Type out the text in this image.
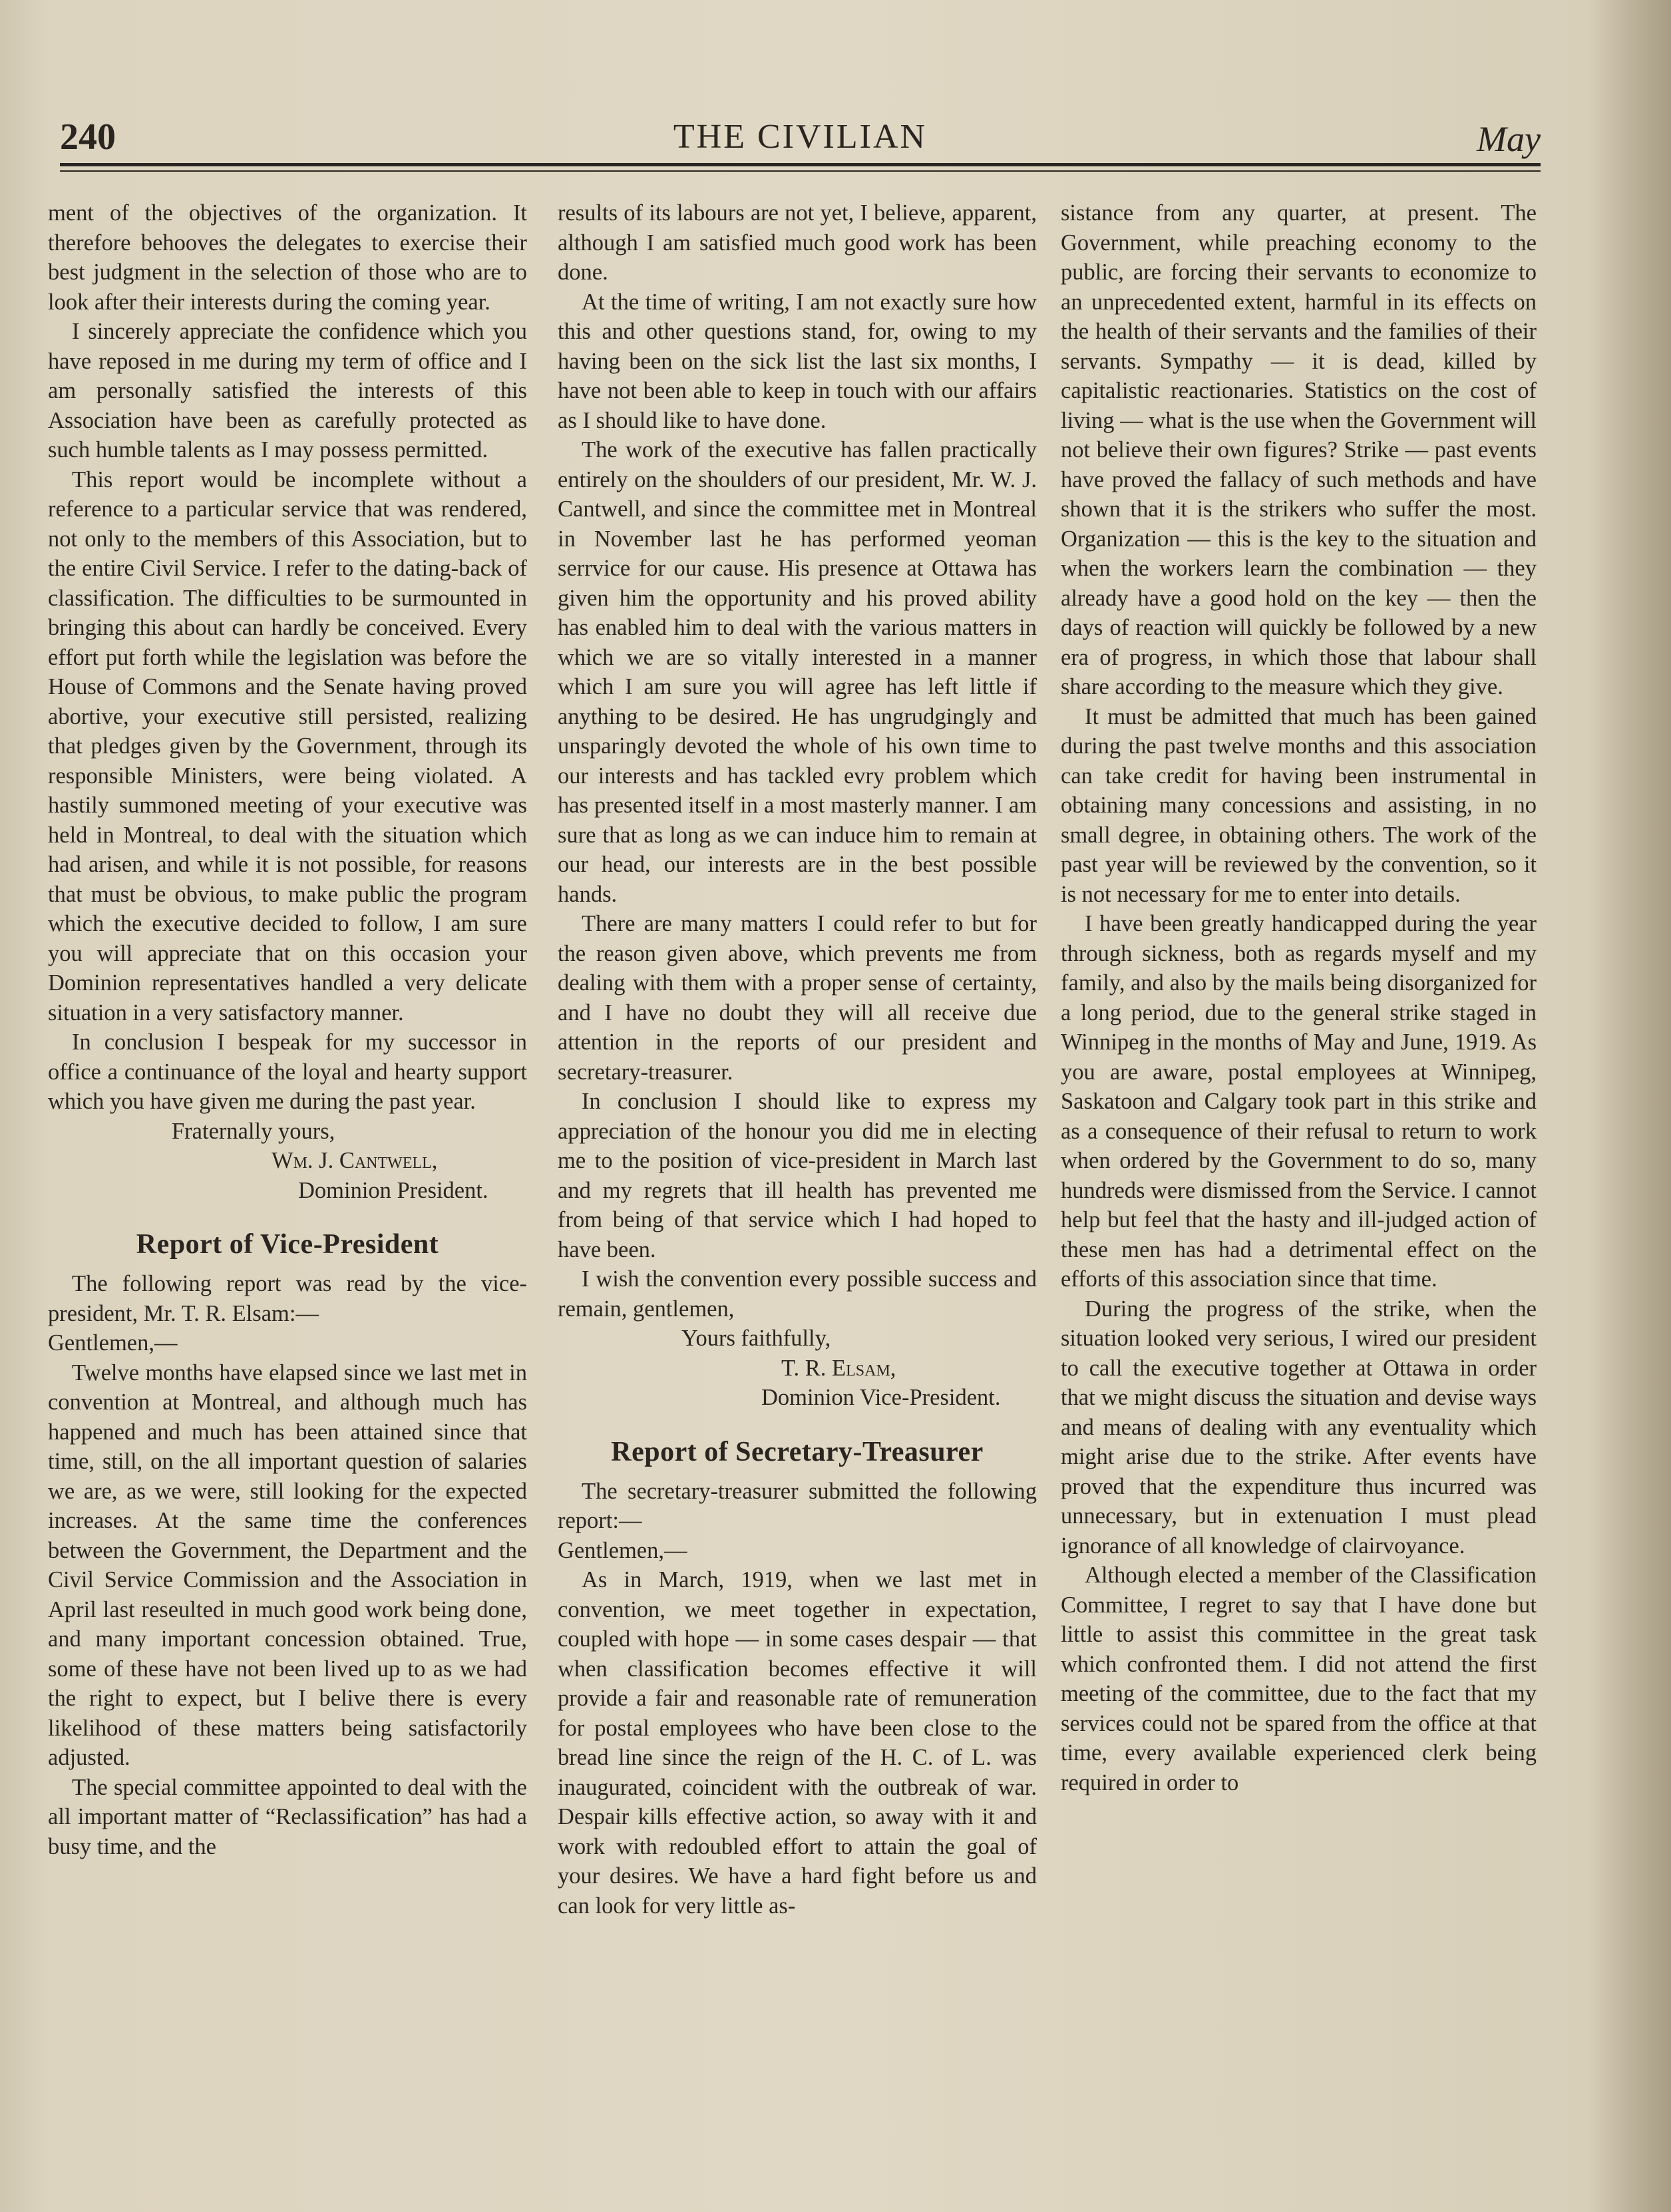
240	THE CIVILIAN	May

ment of the objectives of the organization. It therefore behooves the delegates to exercise their best judgment in the selection of those who are to look after their interests during the coming year.

I sincerely appreciate the confidence which you have reposed in me during my term of office and I am personally satisfied the interests of this Association have been as carefully protected as such humble talents as I may possess permitted.

This report would be incomplete without a reference to a particular service that was rendered, not only to the members of this Association, but to the entire Civil Service. I refer to the dating-back of classification. The difficulties to be surmounted in bringing this about can hardly be conceived. Every effort put forth while the legislation was before the House of Commons and the Senate having proved abortive, your executive still persisted, realizing that pledges given by the Government, through its responsible Ministers, were being violated. A hastily summoned meeting of your executive was held in Montreal, to deal with the situation which had arisen, and while it is not possible, for reasons that must be obvious, to make public the program which the executive decided to follow, I am sure you will appreciate that on this occasion your Dominion representatives handled a very delicate situation in a very satisfactory manner.

In conclusion I bespeak for my successor in office a continuance of the loyal and hearty support which you have given me during the past year.

Fraternally yours,

Wm. J. Cantwell,

Dominion President.

Report of Vice-President

The following report was read by the vice-president, Mr. T. R. Elsam:—

Gentlemen,—

Twelve months have elapsed since we last met in convention at Montreal, and although much has happened and much has been attained since that time, still, on the all important question of salaries we are, as we were, still looking for the expected increases. At the same time the conferences between the Government, the Department and the Civil Service Commission and the Association in April last reseulted in much good work being done, and many important concession obtained. True, some of these have not been lived up to as we had the right to expect, but I belive there is every likelihood of these matters being satisfactorily adjusted.

The special committee appointed to deal with the all important matter of “Reclassification” has had a busy time, and the

results of its labours are not yet, I believe, apparent, although I am satisfied much good work has been done.

At the time of writing, I am not exactly sure how this and other questions stand, for, owing to my having been on the sick list the last six months, I have not been able to keep in touch with our affairs as I should like to have done.

The work of the executive has fallen practically entirely on the shoulders of our president, Mr. W. J. Cantwell, and since the committee met in Montreal in November last he has performed yeoman serrvice for our cause. His presence at Ottawa has given him the opportunity and his proved ability has enabled him to deal with the various matters in which we are so vitally interested in a manner which I am sure you will agree has left little if anything to be desired. He has ungrudgingly and unsparingly devoted the whole of his own time to our interests and has tackled evry problem which has presented itself in a most masterly manner. I am sure that as long as we can induce him to remain at our head, our interests are in the best possible hands.

There are many matters I could refer to but for the reason given above, which prevents me from dealing with them with a proper sense of certainty, and I have no doubt they will all receive due attention in the reports of our president and secretary-treasurer.

In conclusion I should like to express my appreciation of the honour you did me in electing me to the position of vice-president in March last and my regrets that ill health has prevented me from being of that service which I had hoped to have been.

I wish the convention every possible success and remain, gentlemen,

Yours faithfully,

T. R. Elsam,

Dominion Vice-President.

Report of Secretary-Treasurer

The secretary-treasurer submitted the following report:—

Gentlemen,—

As in March, 1919, when we last met in convention, we meet together in expectation, coupled with hope — in some cases despair — that when classification becomes effective it will provide a fair and reasonable rate of remuneration for postal employees who have been close to the bread line since the reign of the H. C. of L. was inaugurated, coincident with the outbreak of war. Despair kills effective action, so away with it and work with redoubled effort to attain the goal of your desires. We have a hard fight before us and can look for very little as-

sistance from any quarter, at present. The Government, while preaching economy to the public, are forcing their servants to economize to an unprecedented extent, harmful in its effects on the health of their servants and the families of their servants. Sympathy — it is dead, killed by capitalistic reactionaries. Statistics on the cost of living — what is the use when the Government will not believe their own figures? Strike — past events have proved the fallacy of such methods and have shown that it is the strikers who suffer the most. Organization — this is the key to the situation and when the workers learn the combination — they already have a good hold on the key — then the days of reaction will quickly be followed by a new era of progress, in which those that labour shall share according to the measure which they give.

It must be admitted that much has been gained during the past twelve months and this association can take credit for having been instrumental in obtaining many concessions and assisting, in no small degree, in obtaining others. The work of the past year will be reviewed by the convention, so it is not necessary for me to enter into details.

I have been greatly handicapped during the year through sickness, both as regards myself and my family, and also by the mails being disorganized for a long period, due to the general strike staged in Winnipeg in the months of May and June, 1919. As you are aware, postal employees at Winnipeg, Saskatoon and Calgary took part in this strike and as a consequence of their refusal to return to work when ordered by the Government to do so, many hundreds were dismissed from the Service. I cannot help but feel that the hasty and ill-judged action of these men has had a detrimental effect on the efforts of this association since that time.

During the progress of the strike, when the situation looked very serious, I wired our president to call the executive together at Ottawa in order that we might discuss the situation and devise ways and means of dealing with any eventuality which might arise due to the strike. After events have proved that the expenditure thus incurred was unnecessary, but in extenuation I must plead ignorance of all knowledge of clairvoyance.

Although elected a member of the Classification Committee, I regret to say that I have done but little to assist this committee in the great task which confronted them. I did not attend the first meeting of the committee, due to the fact that my services could not be spared from the office at that time, every available experienced clerk being required in order to
